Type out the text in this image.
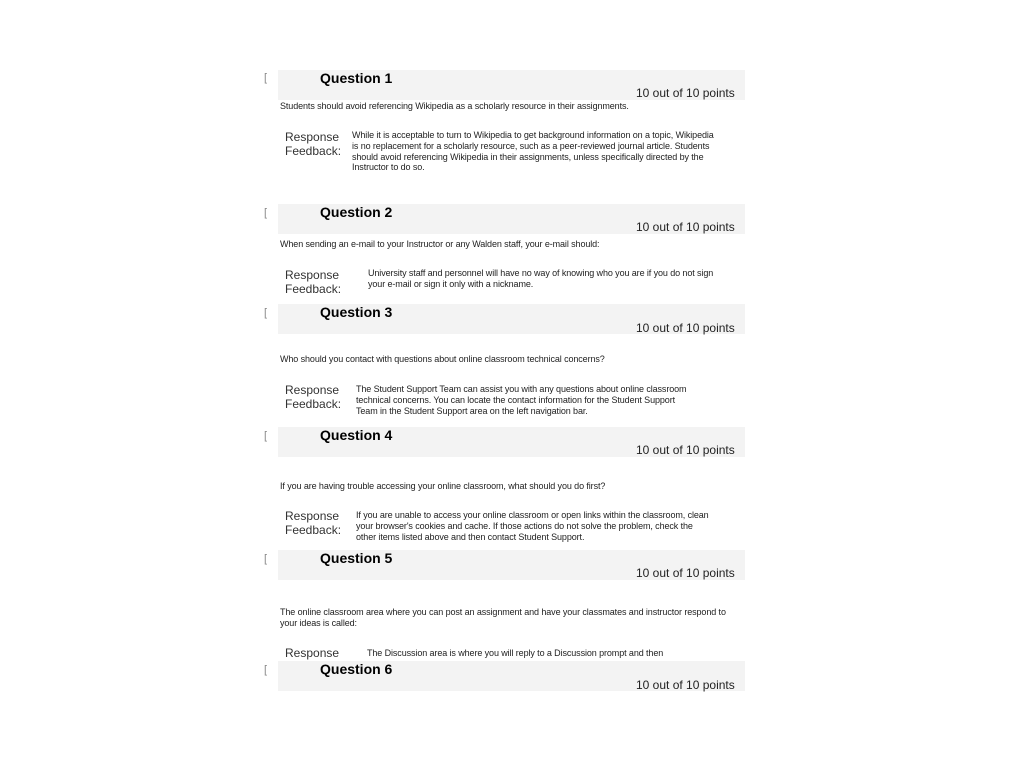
[	Question 1
10 out of 10 points
Students should avoid referencing Wikipedia as a scholarly resource in their assignments.
Response Feedback:
While it is acceptable to turn to Wikipedia to get background information on a topic, Wikipedia is no replacement for a scholarly resource, such as a peer-reviewed journal article. Students should avoid referencing Wikipedia in their assignments, unless specifically directed by the Instructor to do so.
[	Question 2
10 out of 10 points
When sending an e-mail to your Instructor or any Walden staff, your e-mail should:
Response Feedback:
University staff and personnel will have no way of knowing who you are if you do not sign your e-mail or sign it only with a nickname.
[	Question 3
10 out of 10 points
Who should you contact with questions about online classroom technical concerns?
Response Feedback:
The Student Support Team can assist you with any questions about online classroom technical concerns. You can locate the contact information for the Student Support Team in the Student Support area on the left navigation bar.
[	Question 4
10 out of 10 points
If you are having trouble accessing your online classroom, what should you do first?
Response Feedback:
If you are unable to access your online classroom or open links within the classroom, clean your browser's cookies and cache. If those actions do not solve the problem, check the other items listed above and then contact Student Support.
[	Question 5
10 out of 10 points
The online classroom area where you can post an assignment and have your classmates and instructor respond to your ideas is called:
Response	The Discussion area is where you will reply to a Discussion prompt and then
[	Question 6
10 out of 10 points
